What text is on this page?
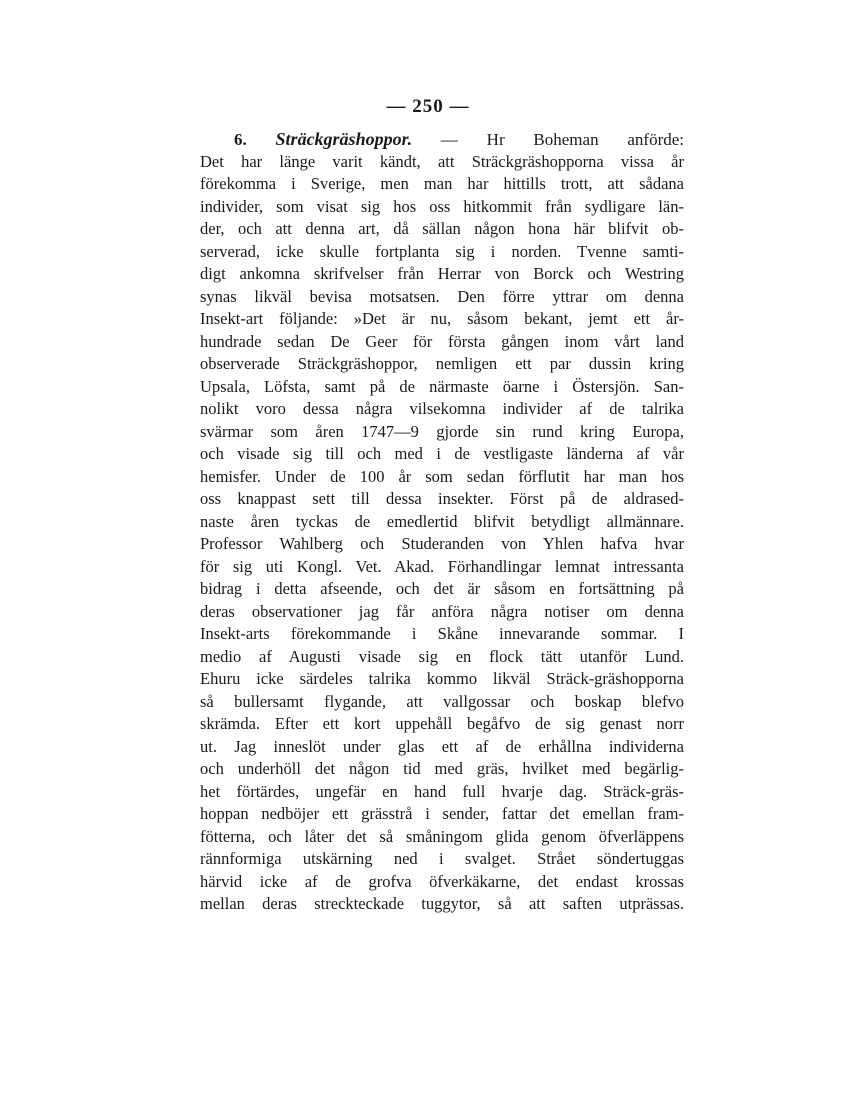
— 250 —
6. Sträckgräshoppor. — Hr Boheman anförde:
Det har länge varit kändt, att Sträckgräshopporna vissa år
förekomma i Sverige, men man har hittills trott, att sådana
individer, som visat sig hos oss hitkommit från sydligare län-
der, och att denna art, då sällan någon hona här blifvit ob-
serverad, icke skulle fortplanta sig i norden. Tvenne samti-
digt ankomna skrifvelser från Herrar von Borck och Westring
synas likväl bevisa motsatsen. Den förre yttrar om denna
Insekt-art följande: »Det är nu, såsom bekant, jemt ett år-
hundrade sedan De Geer för första gången inom vårt land
observerade Sträckgräshoppor, nemligen ett par dussin kring
Upsala, Löfsta, samt på de närmaste öarne i Östersjön. San-
nolikt voro dessa några vilsekomna individer af de talrika
svärmar som åren 1747—9 gjorde sin rund kring Europa,
och visade sig till och med i de vestligaste länderna af vår
hemisfer. Under de 100 år som sedan förflutit har man hos
oss knappast sett till dessa insekter. Först på de aldrased-
naste åren tyckas de emedlertid blifvit betydligt allmännare.
Professor Wahlberg och Studeranden von Yhlen hafva hvar
för sig uti Kongl. Vet. Akad. Förhandlingar lemnat intressanta
bidrag i detta afseende, och det är såsom en fortsättning på
deras observationer jag får anföra några notiser om denna
Insekt-arts förekommande i Skåne innevarande sommar. I
medio af Augusti visade sig en flock tätt utanför Lund.
Ehuru icke särdeles talrika kommo likväl Sträck-gräshopporna
så bullersamt flygande, att vallgossar och boskap blefvo
skrämda. Efter ett kort uppehåll begåfvo de sig genast norr
ut. Jag inneslöt under glas ett af de erhållna individerna
och underhöll det någon tid med gräs, hvilket med begärlig-
het förtärdes, ungefär en hand full hvarje dag. Sträck-gräs-
hoppan nedböjer ett grässtrå i sender, fattar det emellan fram-
fötterna, och låter det så småningom glida genom öfverläppens
rännformiga utskärning ned i svalget. Strået söndertuggas
härvid icke af de grofva öfverkäkarne, det endast krossas
mellan deras streckteckade tuggytor, så att saften utprässas.
